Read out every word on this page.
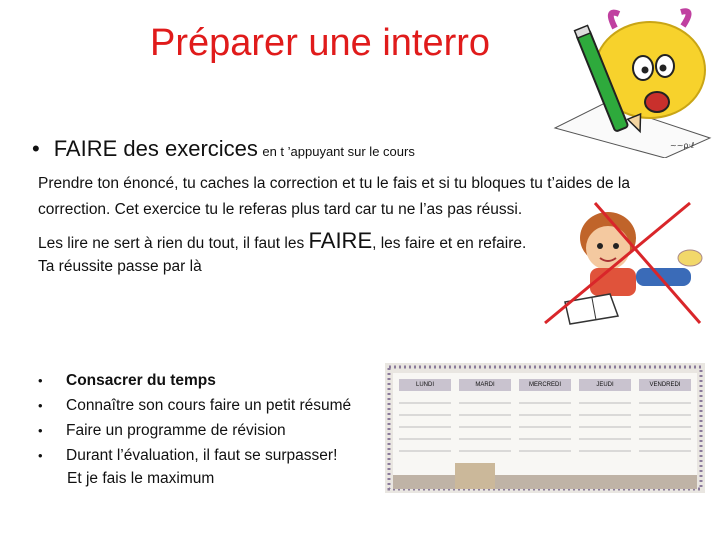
Préparer une interro
• FAIRE des exercices en t ’appuyant sur le cours
Prendre ton énoncé, tu caches la correction et tu le fais et si tu bloques tu t’aides de la correction. Cet exercice tu le referas plus tard car tu ne l’as pas réussi.
Les lire ne sert à rien du tout, il faut les FAIRE, les faire et en refaire.
Ta réussite passe par là
• Consacrer du temps
• Connaître son cours faire un petit résumé
• Faire un programme de révision
• Durant l’évaluation, il faut se surpasser!
Et je fais le maximum
~~ρ·ℓ
LUNDI	MARDI	MERCREDI	JEUDI	VENDREDI
